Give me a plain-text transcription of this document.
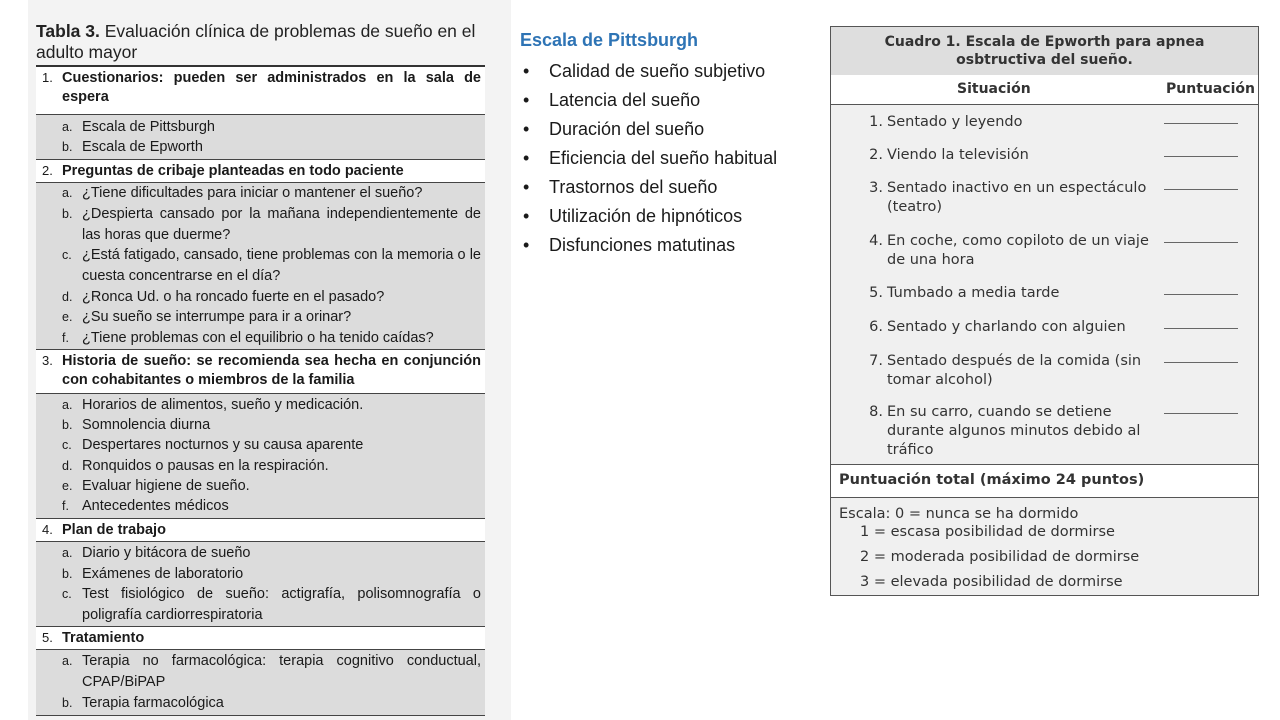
Tabla 3. Evaluación clínica de problemas de sueño en el adulto mayor
1. Cuestionarios: pueden ser administrados en la sala de espera
a. Escala de Pittsburgh
b. Escala de Epworth
2. Preguntas de cribaje planteadas en todo paciente
a. ¿Tiene dificultades para iniciar o mantener el sueño?
b. ¿Despierta cansado por la mañana independientemente de las horas que duerme?
c. ¿Está fatigado, cansado, tiene problemas con la memoria o le cuesta concentrarse en el día?
d. ¿Ronca Ud. o ha roncado fuerte en el pasado?
e. ¿Su sueño se interrumpe para ir a orinar?
f. ¿Tiene problemas con el equilibrio o ha tenido caídas?
3. Historia de sueño: se recomienda sea hecha en conjunción con cohabitantes o miembros de la familia
a. Horarios de alimentos, sueño y medicación.
b. Somnolencia diurna
c. Despertares nocturnos y su causa aparente
d. Ronquidos o pausas en la respiración.
e. Evaluar higiene de sueño.
f. Antecedentes médicos
4. Plan de trabajo
a. Diario y bitácora de sueño
b. Exámenes de laboratorio
c. Test fisiológico de sueño: actigrafía, polisomnografía o poligrafía cardiorrespiratoria
5. Tratamiento
a. Terapia no farmacológica: terapia cognitivo conductual, CPAP/BiPAP
b. Terapia farmacológica
Escala de Pittsburgh
• Calidad de sueño subjetivo
• Latencia del sueño
• Duración del sueño
• Eficiencia del sueño habitual
• Trastornos del sueño
• Utilización de hipnóticos
• Disfunciones matutinas
Cuadro 1. Escala de Epworth para apnea
osbtructiva del sueño.
Situación	Puntuación
1. Sentado y leyendo
2. Viendo la televisión
3. Sentado inactivo en un espectáculo (teatro)
4. En coche, como copiloto de un viaje de una hora
5. Tumbado a media tarde
6. Sentado y charlando con alguien
7. Sentado después de la comida (sin tomar alcohol)
8. En su carro, cuando se detiene durante algunos minutos debido al tráfico
Puntuación total (máximo 24 puntos)
Escala: 0 = nunca se ha dormido
1 = escasa posibilidad de dormirse
2 = moderada posibilidad de dormirse
3 = elevada posibilidad de dormirse
